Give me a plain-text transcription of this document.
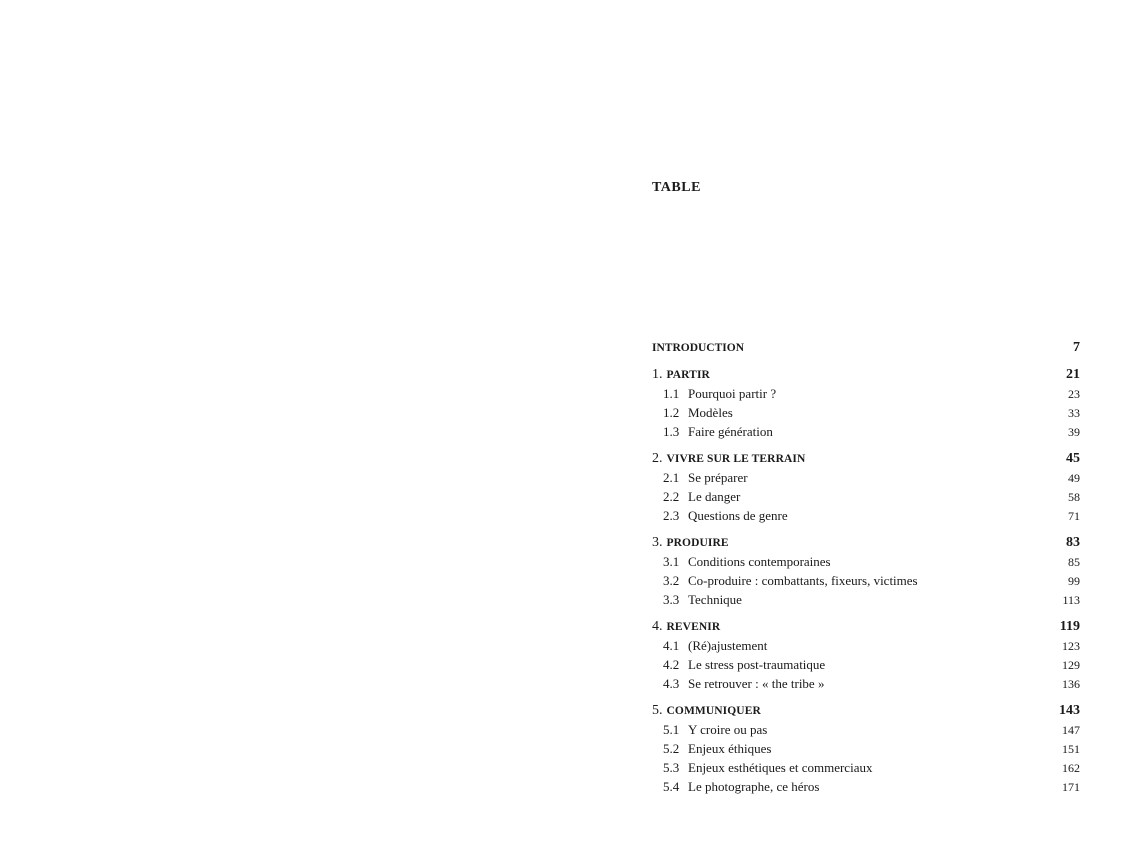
TABLE
INTRODUCTION	7
1. PARTIR	21
1.1 Pourquoi partir ?	23
1.2 Modèles	33
1.3 Faire génération	39
2. VIVRE SUR LE TERRAIN	45
2.1 Se préparer	49
2.2 Le danger	58
2.3 Questions de genre	71
3. PRODUIRE	83
3.1 Conditions contemporaines	85
3.2 Co-produire : combattants, fixeurs, victimes	99
3.3 Technique	113
4. REVENIR	119
4.1 (Ré)ajustement	123
4.2 Le stress post-traumatique	129
4.3 Se retrouver : « the tribe »	136
5. COMMUNIQUER	143
5.1 Y croire ou pas	147
5.2 Enjeux éthiques	151
5.3 Enjeux esthétiques et commerciaux	162
5.4 Le photographe, ce héros	171
